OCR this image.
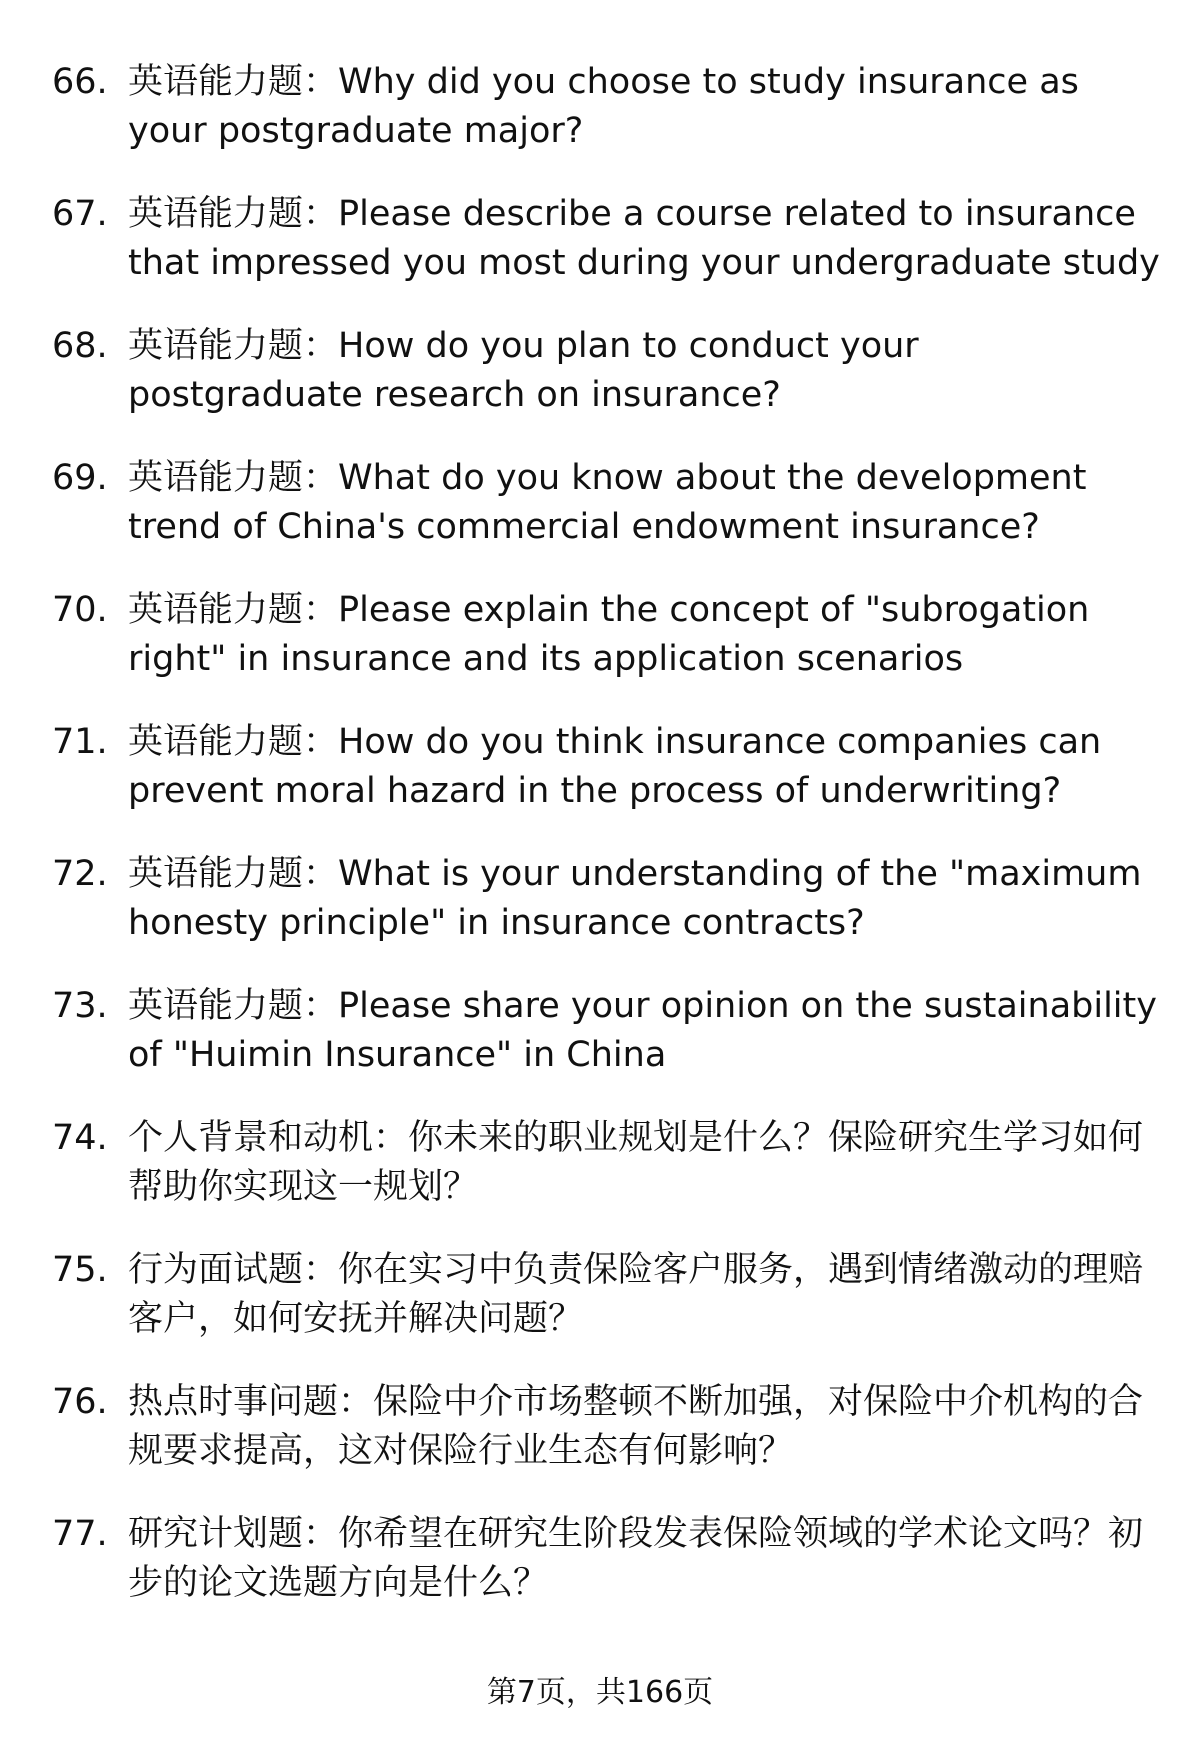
66. 英语能力题：Why did you choose to study insurance as your postgraduate major?
67. 英语能力题：Please describe a course related to insurance that impressed you most during your undergraduate study
68. 英语能力题：How do you plan to conduct your postgraduate research on insurance?
69. 英语能力题：What do you know about the development trend of China's commercial endowment insurance?
70. 英语能力题：Please explain the concept of "subrogation right" in insurance and its application scenarios
71. 英语能力题：How do you think insurance companies can prevent moral hazard in the process of underwriting?
72. 英语能力题：What is your understanding of the "maximum honesty principle" in insurance contracts?
73. 英语能力题：Please share your opinion on the sustainability of "Huimin Insurance" in China
74. 个人背景和动机：你未来的职业规划是什么？保险研究生学习如何帮助你实现这一规划？
75. 行为面试题：你在实习中负责保险客户服务，遇到情绪激动的理赔客户，如何安抚并解决问题？
76. 热点时事问题：保险中介市场整顿不断加强，对保险中介机构的合规要求提高，这对保险行业生态有何影响？
77. 研究计划题：你希望在研究生阶段发表保险领域的学术论文吗？初步的论文选题方向是什么？
第7页，共166页
